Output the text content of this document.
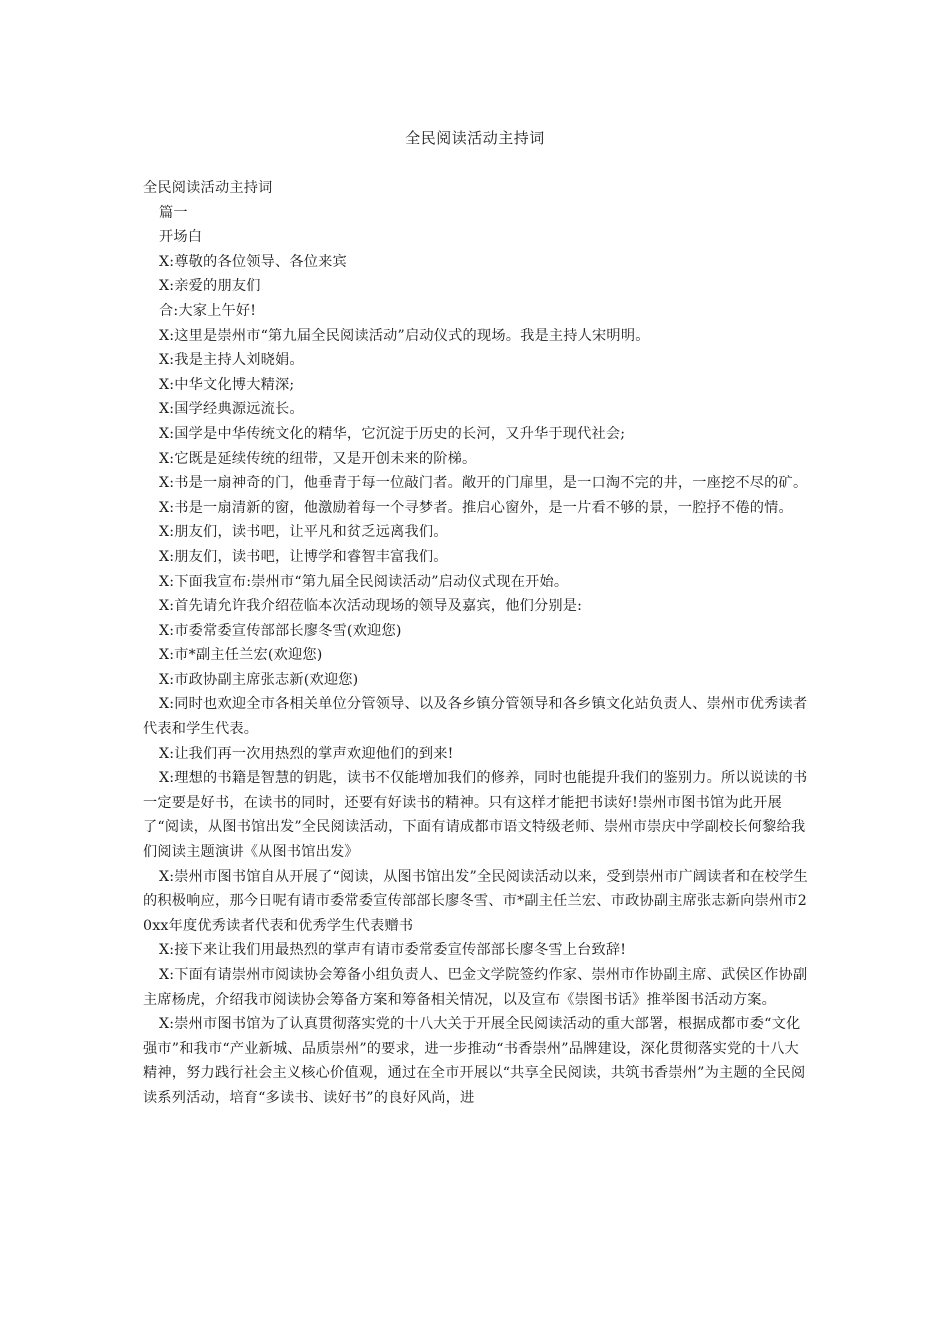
全民阅读活动主持词

全民阅读活动主持词

篇一

开场白

X:尊敬的各位领导、各位来宾

X:亲爱的朋友们

合:大家上午好!

X:这里是崇州市“第九届全民阅读活动”启动仪式的现场。我是主持人宋明明。

X:我是主持人刘晓娟。

X:中华文化博大精深;

X:国学经典源远流长。

X:国学是中华传统文化的精华，它沉淀于历史的长河，又升华于现代社会;

X:它既是延续传统的纽带，又是开创未来的阶梯。

X:书是一扇神奇的门，他垂青于每一位敲门者。敞开的门扉里，是一口淘不完的井，一座挖不尽的矿。

X:书是一扇清新的窗，他激励着每一个寻梦者。推启心窗外，是一片看不够的景，一腔抒不倦的情。

X:朋友们，读书吧，让平凡和贫乏远离我们。

X:朋友们，读书吧，让博学和睿智丰富我们。

X:下面我宣布:崇州市“第九届全民阅读活动”启动仪式现在开始。

X:首先请允许我介绍莅临本次活动现场的领导及嘉宾，他们分别是:

X:市委常委宣传部部长廖冬雪(欢迎您)

X:市*副主任兰宏(欢迎您)

X:市政协副主席张志新(欢迎您)

X:同时也欢迎全市各相关单位分管领导、以及各乡镇分管领导和各乡镇文化站负责人、崇州市优秀读者代表和学生代表。

X:让我们再一次用热烈的掌声欢迎他们的到来!

X:理想的书籍是智慧的钥匙，读书不仅能增加我们的修养，同时也能提升我们的鉴别力。所以说读的书一定要是好书，在读书的同时，还要有好读书的精神。只有这样才能把书读好!崇州市图书馆为此开展了“阅读，从图书馆出发”全民阅读活动，下面有请成都市语文特级老师、崇州市崇庆中学副校长何黎给我们阅读主题演讲《从图书馆出发》

X:崇州市图书馆自从开展了“阅读，从图书馆出发”全民阅读活动以来，受到崇州市广阔读者和在校学生的积极响应，那今日呢有请市委常委宣传部部长廖冬雪、市*副主任兰宏、市政协副主席张志新向崇州市20xx年度优秀读者代表和优秀学生代表赠书

X:接下来让我们用最热烈的掌声有请市委常委宣传部部长廖冬雪上台致辞!

X:下面有请崇州市阅读协会筹备小组负责人、巴金文学院签约作家、崇州市作协副主席、武侯区作协副主席杨虎，介绍我市阅读协会筹备方案和筹备相关情况，以及宣布《崇图书话》推举图书活动方案。

X:崇州市图书馆为了认真贯彻落实党的十八大关于开展全民阅读活动的重大部署，根据成都市委“文化强市”和我市“产业新城、品质崇州”的要求，进一步推动“书香崇州”品牌建设，深化贯彻落实党的十八大精神，努力践行社会主义核心价值观，通过在全市开展以“共享全民阅读，共筑书香崇州”为主题的全民阅读系列活动，培育“多读书、读好书”的良好风尚，进
